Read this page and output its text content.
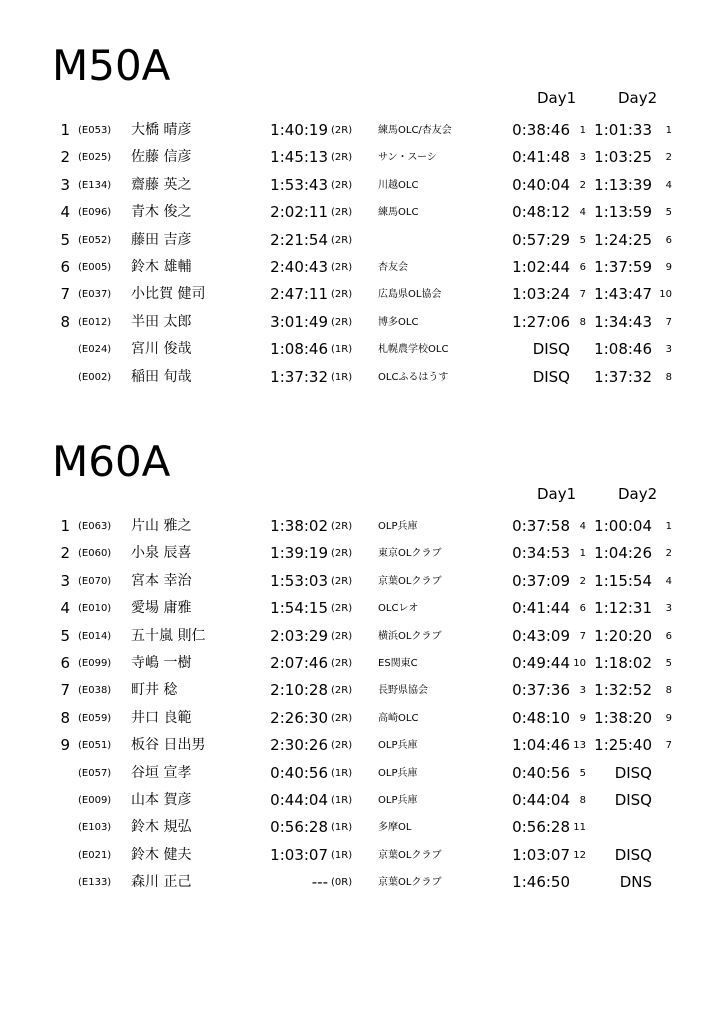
M50A
Day1	Day2
1 (E053) 大橋 晴彦	1:40:19 (2R)	練馬OLC/杏友会	0:38:46 1 1:01:33	1
2 (E025) 佐藤 信彦	1:45:13 (2R)	サン・スーシ	0:41:48 3 1:03:25	2
3 (E134) 齋藤 英之	1:53:43 (2R)	川越OLC	0:40:04 2 1:13:39	4
4 (E096) 青木 俊之	2:02:11 (2R)	練馬OLC	0:48:12 4 1:13:59	5
5 (E052) 藤田 吉彦	2:21:54 (2R)	0:57:29 5 1:24:25	6
6 (E005) 鈴木 雄輔	2:40:43 (2R)	杏友会	1:02:44 6 1:37:59	9
7 (E037) 小比賀 健司	2:47:11 (2R)	広島県OL協会	1:03:24 7 1:43:47 10
8 (E012) 半田 太郎	3:01:49 (2R)	博多OLC	1:27:06 8 1:34:43	7
(E024) 宮川 俊哉	1:08:46 (1R)	札幌農学校OLC	DISQ	1:08:46	3
(E002) 稲田 旬哉	1:37:32 (1R)	OLCふるはうす	DISQ	1:37:32	8
M60A
Day1	Day2
1 (E063) 片山 雅之	1:38:02 (2R)	OLP兵庫	0:37:58 4 1:00:04	1
2 (E060) 小泉 辰喜	1:39:19 (2R)	東京OLクラブ	0:34:53 1 1:04:26	2
3 (E070) 宮本 幸治	1:53:03 (2R)	京葉OLクラブ	0:37:09 2 1:15:54	4
4 (E010) 愛場 庸雅	1:54:15 (2R)	OLCレオ	0:41:44 6 1:12:31	3
5 (E014) 五十嵐 則仁	2:03:29 (2R)	横浜OLクラブ	0:43:09 7 1:20:20	6
6 (E099) 寺嶋 一樹	2:07:46 (2R)	ES関東C	0:49:44 10 1:18:02	5
7 (E038) 町井 稔	2:10:28 (2R)	長野県協会	0:37:36 3 1:32:52	8
8 (E059) 井口 良範	2:26:30 (2R)	高崎OLC	0:48:10 9 1:38:20	9
9 (E051) 板谷 日出男	2:30:26 (2R)	OLP兵庫	1:04:46 13 1:25:40	7
(E057) 谷垣 宣孝	0:40:56 (1R)	OLP兵庫	0:40:56 5	DISQ
(E009) 山本 賀彦	0:44:04 (1R)	OLP兵庫	0:44:04 8	DISQ
(E103) 鈴木 規弘	0:56:28 (1R)	多摩OL	0:56:28 11
(E021) 鈴木 健夫	1:03:07 (1R)	京葉OLクラブ	1:03:07 12	DISQ
(E133) 森川 正己	--- (0R)	京葉OLクラブ	1:46:50	DNS
